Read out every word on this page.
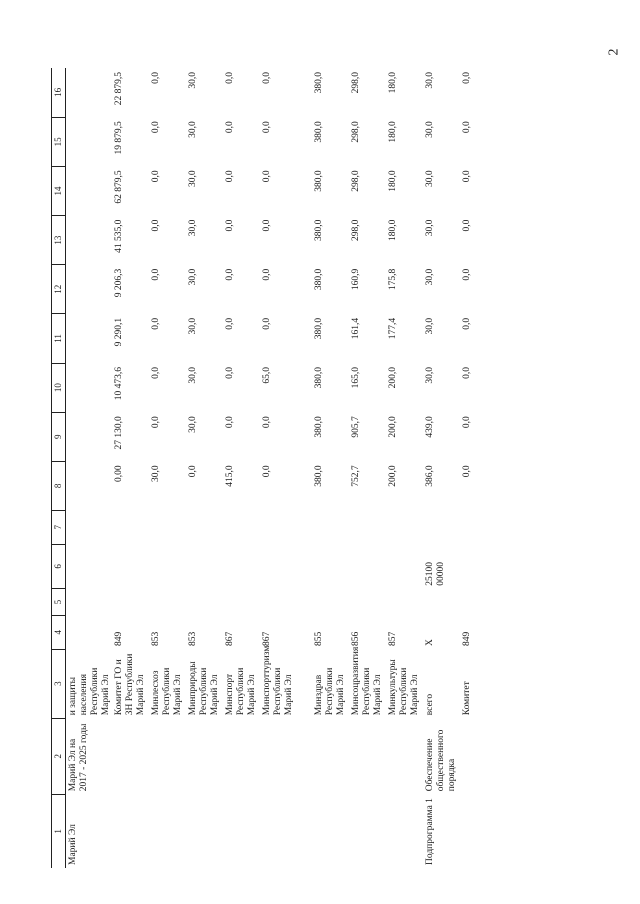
2
1	2	3	4	5	6	7	8	9	10	11	12	13	14	15	16
Марий Эл	Марий Эл на 2017 - 2025 годы	и защиты населения Республики Марий Эл													
		Комитет ГО и ЗН Республики Марий Эл	849				0,00	27 130,0	10 473,6	9 290,1	9 206,3	41 535,0	62 879,5	19 879,5	22 879,5
		Минлесхоз Республики Марий Эл	853				30,0	0,0	0,0	0,0	0,0	0,0	0,0	0,0	0,0
		Минприроды Республики Марий Эл	853				0,0	30,0	30,0	30,0	30,0	30,0	30,0	30,0	30,0
		Минспорт Республики Марий Эл	867				415,0	0,0	0,0	0,0	0,0	0,0	0,0	0,0	0,0
		Минспорттуризм Республики Марий Эл	867				0,0	0,0	65,0	0,0	0,0	0,0	0,0	0,0	0,0
		Минздрав Республики Марий Эл	855				380,0	380,0	380,0	380,0	380,0	380,0	380,0	380,0	380,0
		Минсоцразвития Республики Марий Эл	856				752,7	905,7	165,0	161,4	160,9	298,0	298,0	298,0	298,0
		Минкультуры Республики Марий Эл	857				200,0	200,0	200,0	177,4	175,8	180,0	180,0	180,0	180,0
Подпрограмма 1	Обеспечение общественного порядка	всего	X		25100 00000		386,0	439,0	30,0	30,0	30,0	30,0	30,0	30,0	30,0
		Комитет	849				0,0	0,0	0,0	0,0	0,0	0,0	0,0	0,0	0,0
